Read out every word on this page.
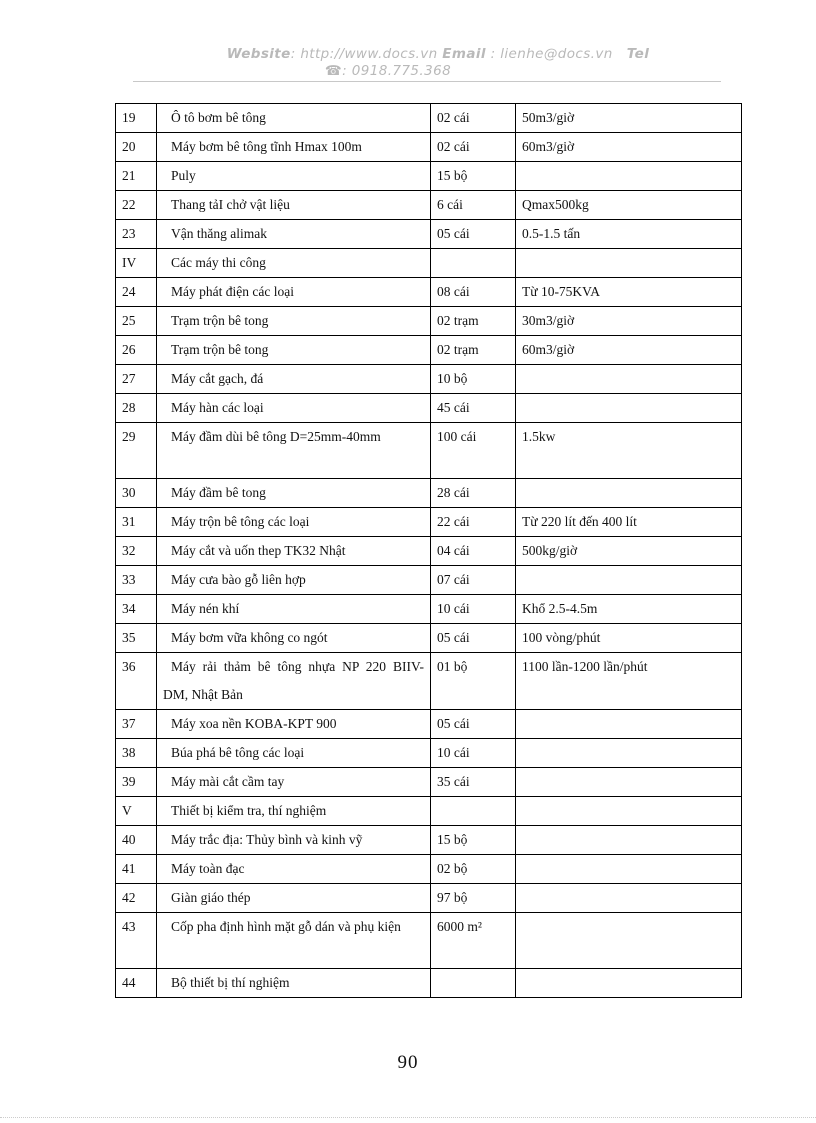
Website: http://www.docs.vn Email : lienhe@docs.vn Tel
☎: 0918.775.368
19	Ô tô bơm bê tông	02 cái	50m3/giờ
20	Máy bơm bê tông tĩnh Hmax 100m	02 cái	60m3/giờ
21	Puly	15 bộ	
22	Thang tảI chở vật liệu	6 cái	Qmax500kg
23	Vận thăng alimak	05 cái	0.5-1.5 tấn
IV	Các máy thi công		
24	Máy phát điện các loại	08 cái	Từ 10-75KVA
25	Trạm trộn bê tong	02 trạm	30m3/giờ
26	Trạm trộn bê tong	02 trạm	60m3/giờ
27	Máy cắt gạch, đá	10 bộ	
28	Máy hàn các loại	45 cái	
29	Máy đầm dùi bê tông D=25mm-40mm	100 cái	1.5kw
30	Máy đầm bê tong	28 cái	
31	Máy trộn bê tông các loại	22 cái	Từ 220 lít đến 400 lít
32	Máy cắt và uốn thep TK32 Nhật	04 cái	500kg/giờ
33	Máy cưa bào gỗ liên hợp	07 cái	
34	Máy nén khí	10 cái	Khổ 2.5-4.5m
35	Máy bơm vữa không co ngót	05 cái	100 vòng/phút
36	Máy rải thảm bê tông nhựa NP 220 BIIV- DM, Nhật Bản	01 bộ	1100 lần-1200 lần/phút
37	Máy xoa nền KOBA-KPT 900	05 cái	
38	Búa phá bê tông các loại	10 cái	
39	Máy mài cắt cầm tay	35 cái	
V	Thiết bị kiểm tra, thí nghiệm		
40	Máy trắc địa: Thủy bình và kinh vỹ	15 bộ	
41	Máy toàn đạc	02 bộ	
42	Giàn giáo thép	97 bộ	
43	Cốp pha định hình mặt gỗ dán và phụ kiện	6000 m²	
44	Bộ thiết bị thí nghiệm		
90
